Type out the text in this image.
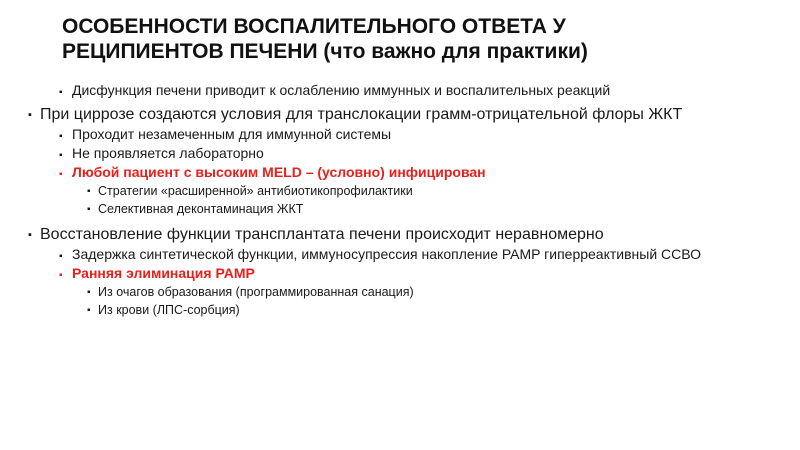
ОСОБЕННОСТИ ВОСПАЛИТЕЛЬНОГО ОТВЕТА У
РЕЦИПИЕНТОВ ПЕЧЕНИ (что важно для практики)
▪ Дисфункция печени приводит к ослаблению иммунных и воспалительных реакций
▪ При циррозе создаются условия для транслокации грамм-отрицательной флоры ЖКТ
▪ Проходит незамеченным для иммунной системы
▪ Не проявляется лабораторно
▪ Любой пациент с высоким MELD – (условно) инфицирован
▪ Стратегии «расширенной» антибиотикопрофилактики
▪ Селективная деконтаминация ЖКТ
▪ Восстановление функции трансплантата печени происходит неравномерно
▪ Задержка синтетической функции, иммуносупрессия накопление PAMP гиперреактивный ССВО
▪ Ранняя элиминация PAMP
▪ Из очагов образования (программированная санация)
▪ Из крови (ЛПС-сорбция)
